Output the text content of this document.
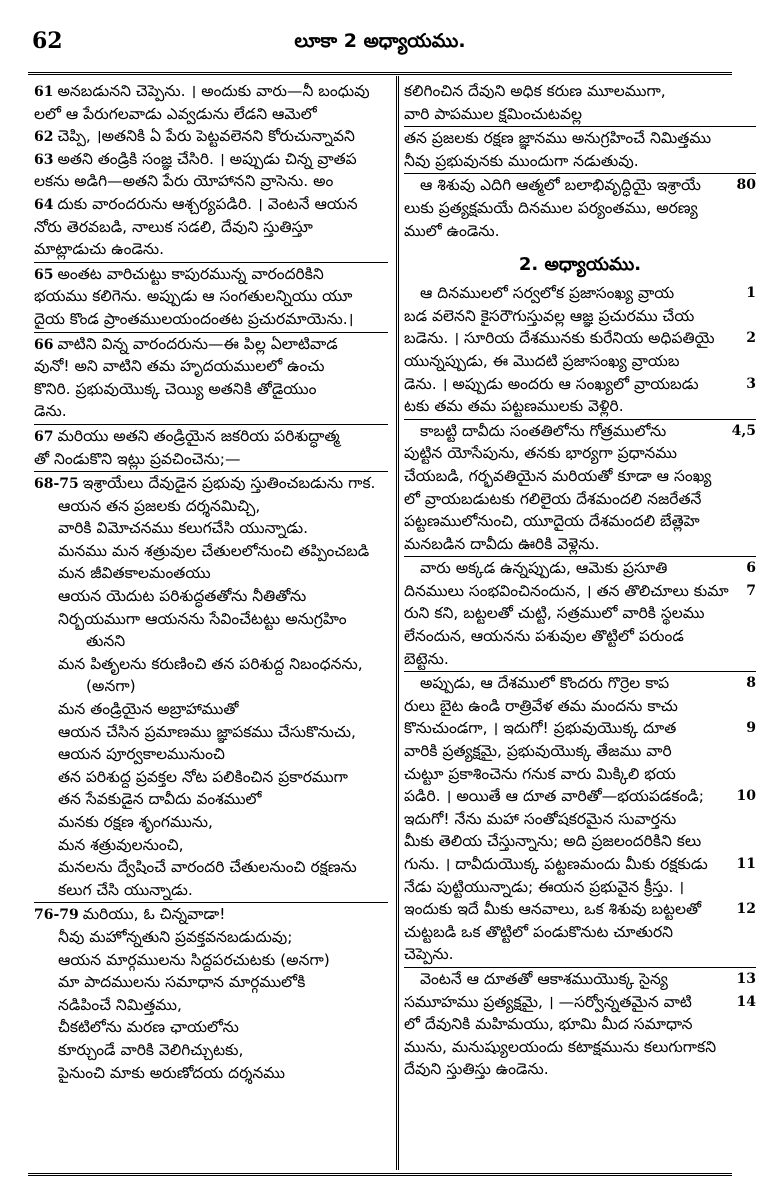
62	లూకా 2 అధ్యాయము.
61 అనబడునని చెప్పెను. । అందుకు వారు—నీ బంధువు
లలో ఆ పేరుగలవాడు ఎవ్వడును లేడని ఆమెలో
62 చెప్పి, ।అతనికి ఏ పేరు పెట్టవలెనని కోరుచున్నావని
63 అతని తండ్రికి సంజ్ఞ చేసిరి. । అప్పుడు చిన్న వ్రాతప
లకను అడిగి—అతని పేరు యోహానని వ్రాసెను. అం
64 దుకు వారందరును ఆశ్చర్యపడిరి. । వెంటనే ఆయన
నోరు తెరవబడి, నాలుక సడలి, దేవుని స్తుతిస్తూ
మాట్లాడుచు ఉండెను.
65 అంతట వారిచుట్టు కాపురమున్న వారందరికిని
భయము కలిగెను. అప్పుడు ఆ సంగతులన్నియు యూ
దైయ కొండ ప్రాంతములయందంతట ప్రచురమాయెను.।
66 వాటిని విన్న వారందరును—ఈ పిల్ల ఏలాటివాడ
వునో! అని వాటిని తమ హృదయములలో ఉంచు
కొనిరి. ప్రభువుయొక్క చెయ్యి అతనికి తోడైయుం
డెను.
67 మరియు అతని తండ్రియైన జకరియ పరిశుద్ధాత్మ
తో నిండుకొని ఇట్లు ప్రవచించెను;—
68-75 ఇశ్రాయేలు దేవుడైన ప్రభువు స్తుతించబడును గాక.
ఆయన తన ప్రజలకు దర్శనమిచ్చి,
వారికి విమోచనము కలుగచేసి యున్నాడు.
మనము మన శత్రువుల చేతులలోనుంచి తప్పించబడి
మన జీవితకాలమంతయు
ఆయన యెదుట పరిశుద్ధతతోను నీతితోను
నిర్భయముగా ఆయనను సేవించేటట్టు అనుగ్రహిం
తునని
మన పితృలను కరుణించి తన పరిశుద్ధ నిబంధనను,
(అనగా)
మన తండ్రియైన అబ్రాహాముతో
ఆయన చేసిన ప్రమాణము జ్ఞాపకము చేసుకొనుచు,
ఆయన పూర్వకాలమునుంచి
తన పరిశుద్ధ ప్రవక్తల నోట పలికించిన ప్రకారముగా
తన సేవకుడైన దావీదు వంశములో
మనకు రక్షణ శృంగమును,
మన శత్రువులనుంచి,
మనలను ద్వేషించే వారందరి చేతులనుంచి రక్షణను
కలుగ చేసి యున్నాడు.
76-79 మరియు, ఓ చిన్నవాడా!
నీవు మహోన్నతుని ప్రవక్తవనబడుదువు;
ఆయన మార్గములను సిద్ధపరచుటకు (అనగా)
మా పాదములను సమాధాన మార్గములోకి
నడిపించే నిమిత్తము,
చీకటిలోను మరణ ఛాయలోను
కూర్చుండే వారికి వెలిగిచ్చుటకు,
పైనుంచి మాకు అరుణోదయ దర్శనము
కలిగించిన దేవుని అధిక కరుణ మూలముగా,
వారి పాపముల క్షమించుటవల్ల
తన ప్రజలకు రక్షణ జ్ఞానము అనుగ్రహించే నిమిత్తము
నీవు ప్రభువునకు ముందుగా నడుతువు.
80
ఆ శిశువు ఎదిగి ఆత్మలో బలాభివృద్ధియై ఇశ్రాయే
లుకు ప్రత్యక్షమయే దినముల పర్యంతము, అరణ్య
ములో ఉండెను.
2. అధ్యాయము.
1
ఆ దినములలో సర్వలోక ప్రజాసంఖ్య వ్రాయ
బడ వలెనని కైసరౌగుస్తువల్ల ఆజ్ఞ ప్రచురము చేయ
2
బడెను. । సూరియ దేశమునకు కురేనియ అధిపతియై
యున్నప్పుడు, ఈ మొదటి ప్రజాసంఖ్య వ్రాయబ
3
డెను. । అప్పుడు అందరు ఆ సంఖ్యలో వ్రాయబడు
టకు తమ తమ పట్టణములకు వెళ్లిరి.
4,5
కాబట్టి దావీదు సంతతిలోను గోత్రములోను
పుట్టిన యోసేపును, తనకు భార్యగా ప్రధానము
చేయబడి, గర్భవతియైన మరియతో కూడా ఆ సంఖ్య
లో వ్రాయబడుటకు గలిలైయ దేశమందలి నజరేతనే
పట్టణములోనుంచి, యూదైయ దేశమందలి బేత్లెహె
మనబడిన దావీదు ఊరికి వెళ్లెను.
6
వారు అక్కడ ఉన్నప్పుడు, ఆమెకు ప్రసూతి
7
దినములు సంభవించినందున, । తన తొలిచూలు కుమా
రుని కని, బట్టలతో చుట్టి, సత్రములో వారికి స్థలము
లేనందున, ఆయనను పశువుల తొట్టిలో పరుండ
బెట్టెను.
8
అప్పుడు, ఆ దేశములో కొందరు గొర్రెల కాప
రులు బైట ఉండి రాత్రివేళ తమ మందను కాచు
9
కొనుచుండగా, । ఇదుగో! ప్రభువుయొక్క దూత
వారికి ప్రత్యక్షమై, ప్రభువుయొక్క తేజము వారి
చుట్టూ ప్రకాశించెను గనుక వారు మిక్కిలి భయ
10
పడిరి. । అయితే ఆ దూత వారితో—భయపడకండి;
ఇదుగో! నేను మహా సంతోషకరమైన సువార్తను
మీకు తెలియ చేస్తున్నాను; అది ప్రజలందరికిని కలు
11
గును. । దావీదుయొక్క పట్టణమందు మీకు రక్షకుడు
నేడు పుట్టియున్నాడు; ఈయన ప్రభువైన క్రీస్తు. ।
12
ఇందుకు ఇదే మీకు ఆనవాలు, ఒక శిశువు బట్టలతో
చుట్టబడి ఒక తొట్టిలో పండుకొనుట చూతురని
చెప్పెను.
13
వెంటనే ఆ దూతతో ఆకాశముయొక్క సైన్య
14
సమూహము ప్రత్యక్షమై, । —సర్వోన్నతమైన వాటి
లో దేవునికి మహిమయు, భూమి మీద సమాధాన
మును, మనుష్యులయందు కటాక్షమును కలుగుగాకని
దేవుని స్తుతిస్తు ఉండెను.
